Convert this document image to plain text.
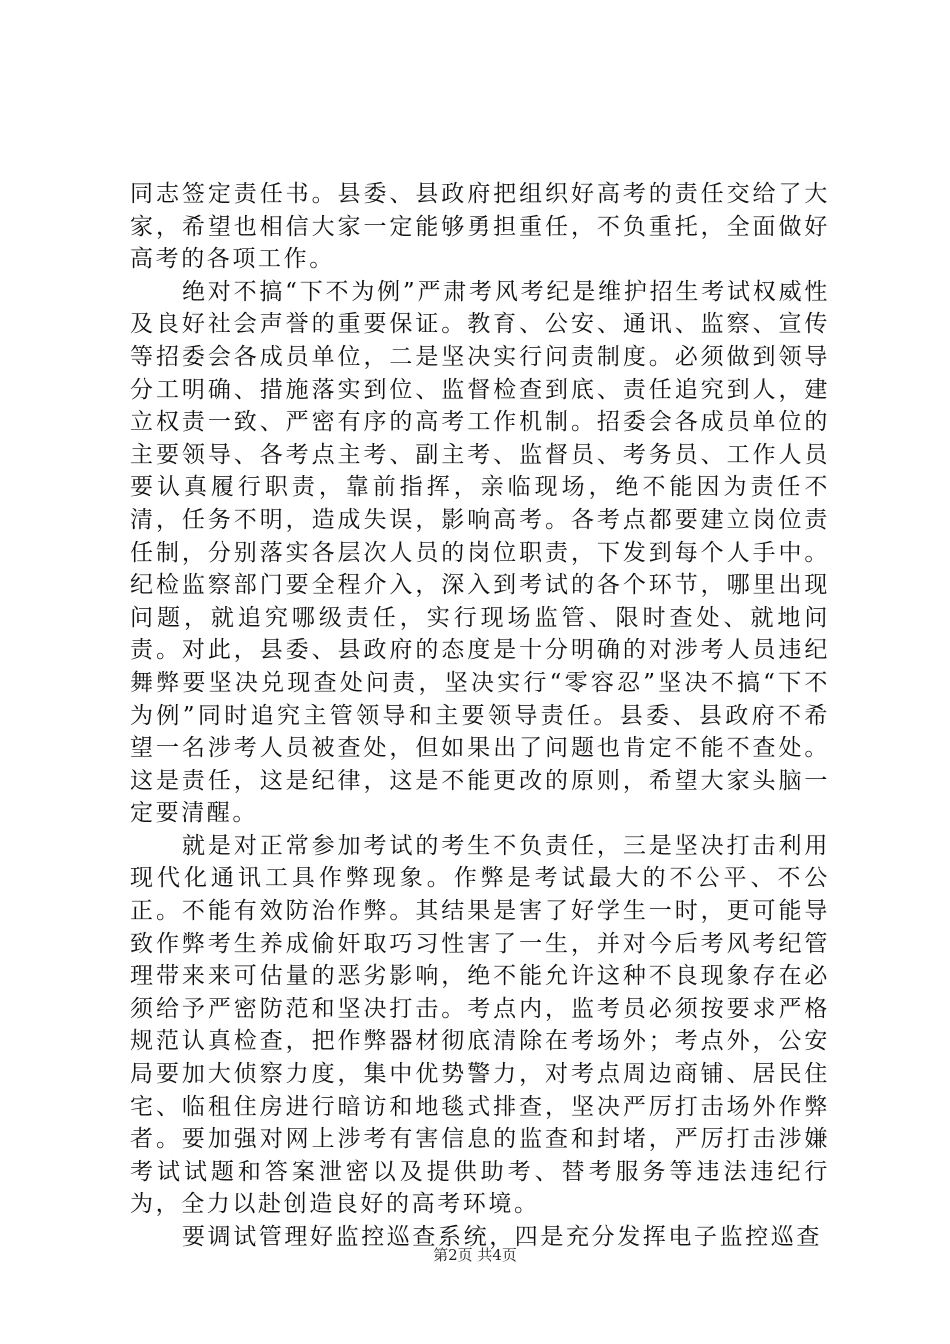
同志签定责任书。县委、县政府把组织好高考的责任交给了大家，希望也相信大家一定能够勇担重任，不负重托，全面做好高考的各项工作。

绝对不搞“下不为例”严肃考风考纪是维护招生考试权威性及良好社会声誉的重要保证。教育、公安、通讯、监察、宣传等招委会各成员单位，二是坚决实行问责制度。必须做到领导分工明确、措施落实到位、监督检查到底、责任追究到人，建立权责一致、严密有序的高考工作机制。招委会各成员单位的主要领导、各考点主考、副主考、监督员、考务员、工作人员要认真履行职责，靠前指挥，亲临现场，绝不能因为责任不清，任务不明，造成失误，影响高考。各考点都要建立岗位责任制，分别落实各层次人员的岗位职责，下发到每个人手中。纪检监察部门要全程介入，深入到考试的各个环节，哪里出现问题，就追究哪级责任，实行现场监管、限时查处、就地问责。对此，县委、县政府的态度是十分明确的对涉考人员违纪舞弊要坚决兑现查处问责，坚决实行“零容忍”坚决不搞“下不为例”同时追究主管领导和主要领导责任。县委、县政府不希望一名涉考人员被查处，但如果出了问题也肯定不能不查处。这是责任，这是纪律，这是不能更改的原则，希望大家头脑一定要清醒。

就是对正常参加考试的考生不负责任，三是坚决打击利用现代化通讯工具作弊现象。作弊是考试最大的不公平、不公正。不能有效防治作弊。其结果是害了好学生一时，更可能导致作弊考生养成偷奸取巧习性害了一生，并对今后考风考纪管理带来来可估量的恶劣影响，绝不能允许这种不良现象存在必须给予严密防范和坚决打击。考点内，监考员必须按要求严格规范认真检查，把作弊器材彻底清除在考场外；考点外，公安局要加大侦察力度，集中优势警力，对考点周边商铺、居民住宅、临租住房进行暗访和地毯式排查，坚决严厉打击场外作弊者。要加强对网上涉考有害信息的监查和封堵，严厉打击涉嫌考试试题和答案泄密以及提供助考、替考服务等违法违纪行为，全力以赴创造良好的高考环境。

要调试管理好监控巡查系统，四是充分发挥电子监控巡查

第2页 共4页
